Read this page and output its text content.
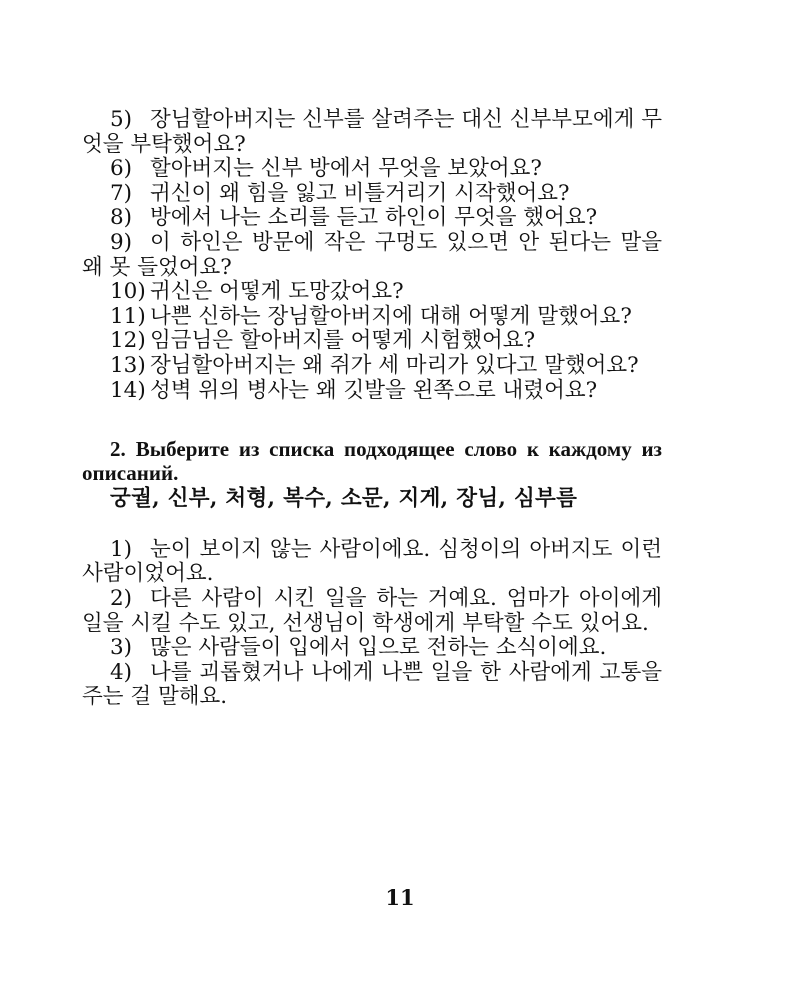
5) 장님할아버지는 신부를 살려주는 대신 신부부모에게 무엇을 부탁했어요?
6) 할아버지는 신부 방에서 무엇을 보았어요?
7) 귀신이 왜 힘을 잃고 비틀거리기 시작했어요?
8) 방에서 나는 소리를 듣고 하인이 무엇을 했어요?
9) 이 하인은 방문에 작은 구멍도 있으면 안 된다는 말을 왜 못 들었어요?
10) 귀신은 어떻게 도망갔어요?
11) 나쁜 신하는 장님할아버지에 대해 어떻게 말했어요?
12) 임금님은 할아버지를 어떻게 시험했어요?
13) 장님할아버지는 왜 쥐가 세 마리가 있다고 말했어요?
14) 성벽 위의 병사는 왜 깃발을 왼쪽으로 내렸어요?

2. Выберите из списка подходящее слово к каждому из описаний.

궁궐, 신부, 처형, 복수, 소문, 지게, 장님, 심부름

1) 눈이 보이지 않는 사람이에요. 심청이의 아버지도 이런 사람이었어요.
2) 다른 사람이 시킨 일을 하는 거예요. 엄마가 아이에게 일을 시킬 수도 있고, 선생님이 학생에게 부탁할 수도 있어요.
3) 많은 사람들이 입에서 입으로 전하는 소식이에요.
4) 나를 괴롭혔거나 나에게 나쁜 일을 한 사람에게 고통을 주는 걸 말해요.
11
